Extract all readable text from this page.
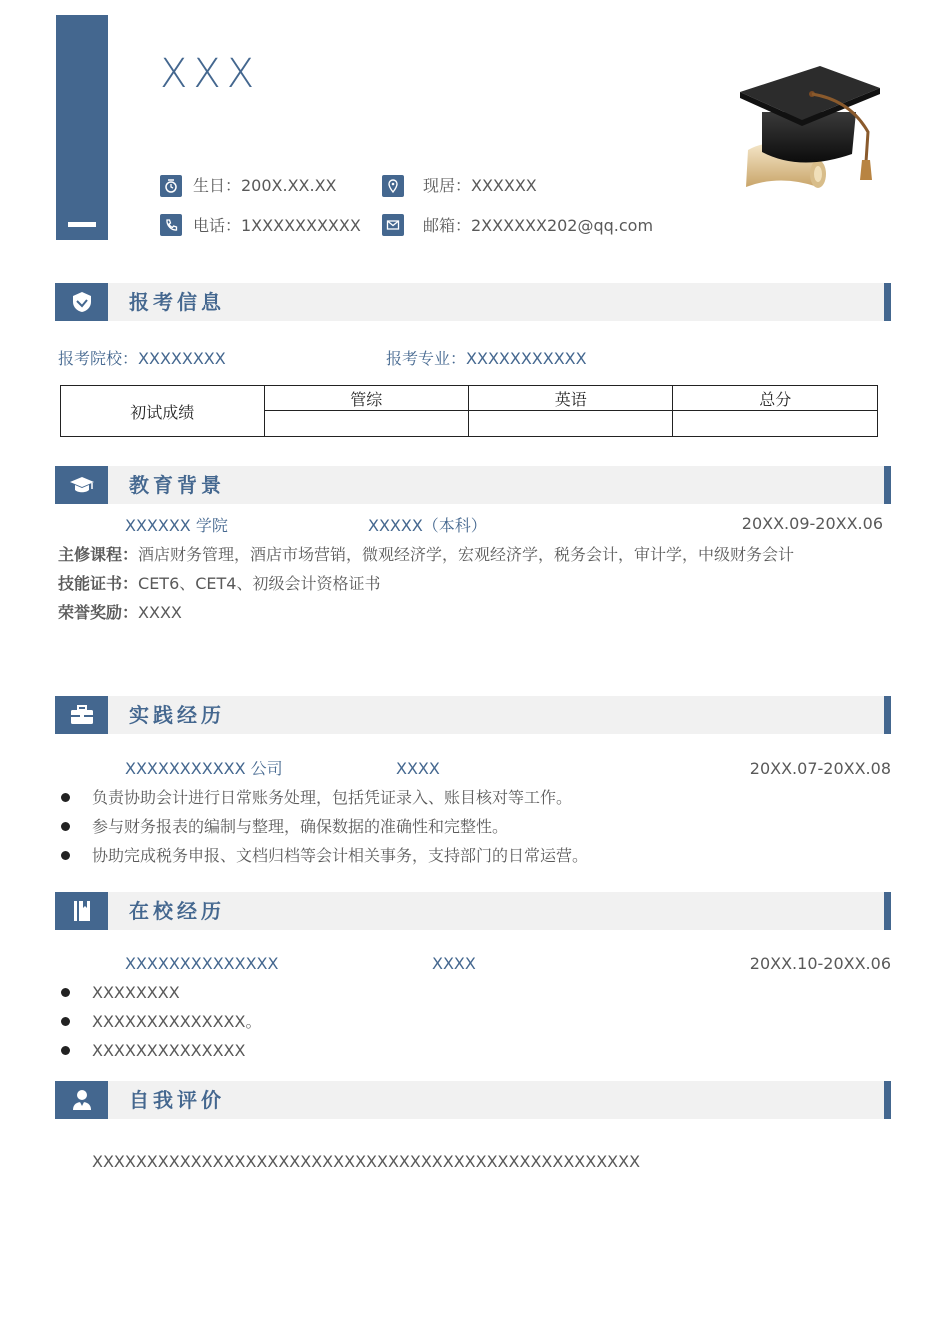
XXX
生日：200X.XX.XX	现居：XXXXXX
电话：1XXXXXXXXXX	邮箱：2XXXXXX202@qq.com
报考信息
报考院校：XXXXXXXX	报考专业：XXXXXXXXXXX
初试成绩	管综	英语	总分

教育背景
XXXXXX 学院	XXXXX（本科）	20XX.09-20XX.06
主修课程：酒店财务管理，酒店市场营销，微观经济学，宏观经济学，税务会计，审计学，中级财务会计
技能证书：CET6、CET4、初级会计资格证书
荣誉奖励：XXXX
实践经历
XXXXXXXXXXX 公司	XXXX	20XX.07-20XX.08
负责协助会计进行日常账务处理，包括凭证录入、账目核对等工作。
参与财务报表的编制与整理，确保数据的准确性和完整性。
协助完成税务申报、文档归档等会计相关事务，支持部门的日常运营。
在校经历
XXXXXXXXXXXXXX	XXXX	20XX.10-20XX.06
XXXXXXXX
XXXXXXXXXXXXXX。
XXXXXXXXXXXXXX
自我评价
XXXXXXXXXXXXXXXXXXXXXXXXXXXXXXXXXXXXXXXXXXXXXXXXXX
